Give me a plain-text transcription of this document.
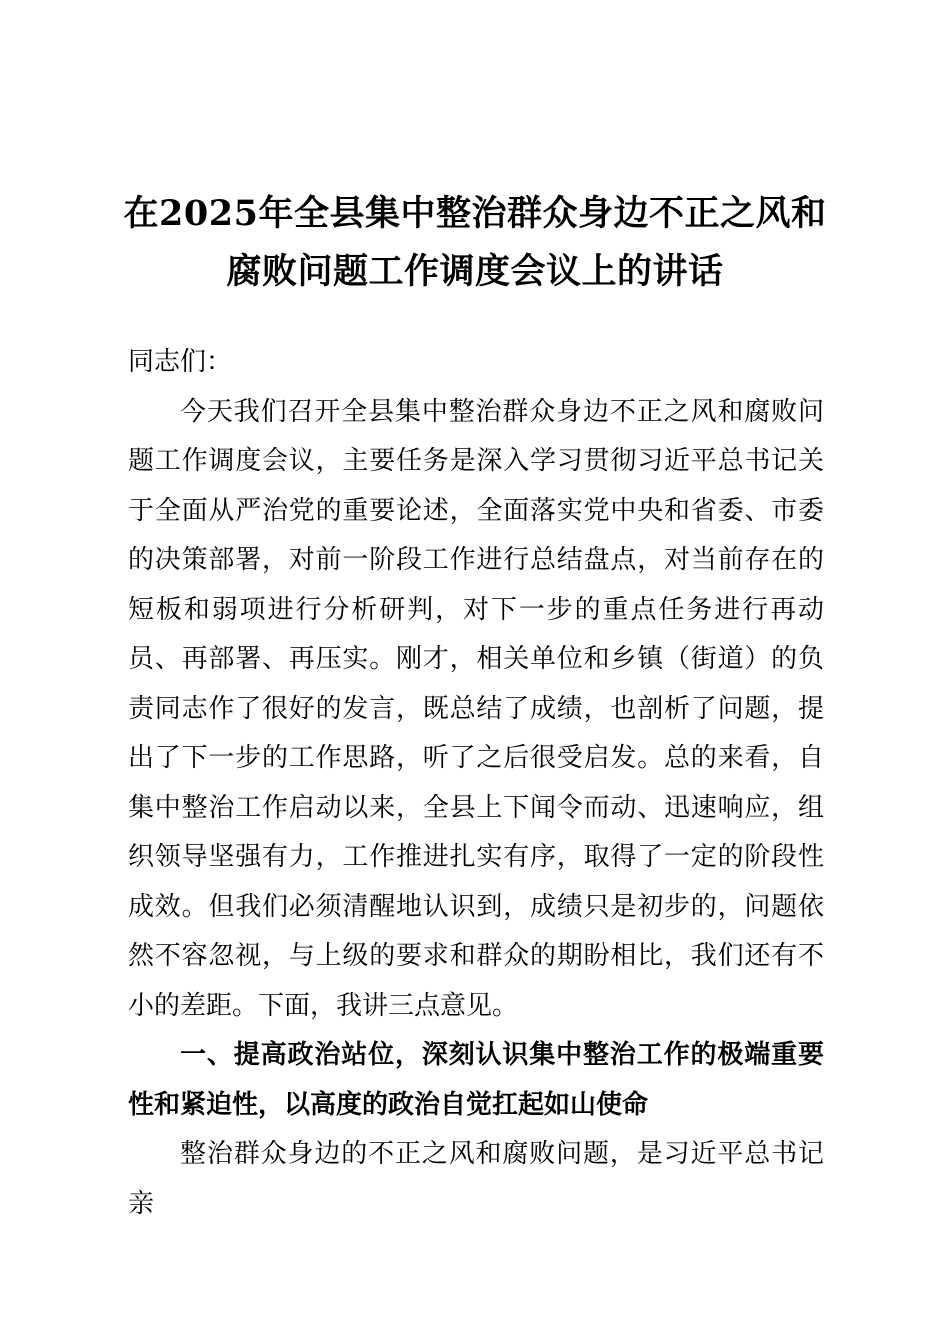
在2025年全县集中整治群众身边不正之风和腐败问题工作调度会议上的讲话

同志们：

今天我们召开全县集中整治群众身边不正之风和腐败问题工作调度会议，主要任务是深入学习贯彻习近平总书记关于全面从严治党的重要论述，全面落实党中央和省委、市委的决策部署，对前一阶段工作进行总结盘点，对当前存在的短板和弱项进行分析研判，对下一步的重点任务进行再动员、再部署、再压实。刚才，相关单位和乡镇（街道）的负责同志作了很好的发言，既总结了成绩，也剖析了问题，提出了下一步的工作思路，听了之后很受启发。总的来看，自集中整治工作启动以来，全县上下闻令而动、迅速响应，组织领导坚强有力，工作推进扎实有序，取得了一定的阶段性成效。但我们必须清醒地认识到，成绩只是初步的，问题依然不容忽视，与上级的要求和群众的期盼相比，我们还有不小的差距。下面，我讲三点意见。

一、提高政治站位，深刻认识集中整治工作的极端重要性和紧迫性，以高度的政治自觉扛起如山使命

整治群众身边的不正之风和腐败问题，是习近平总书记亲
